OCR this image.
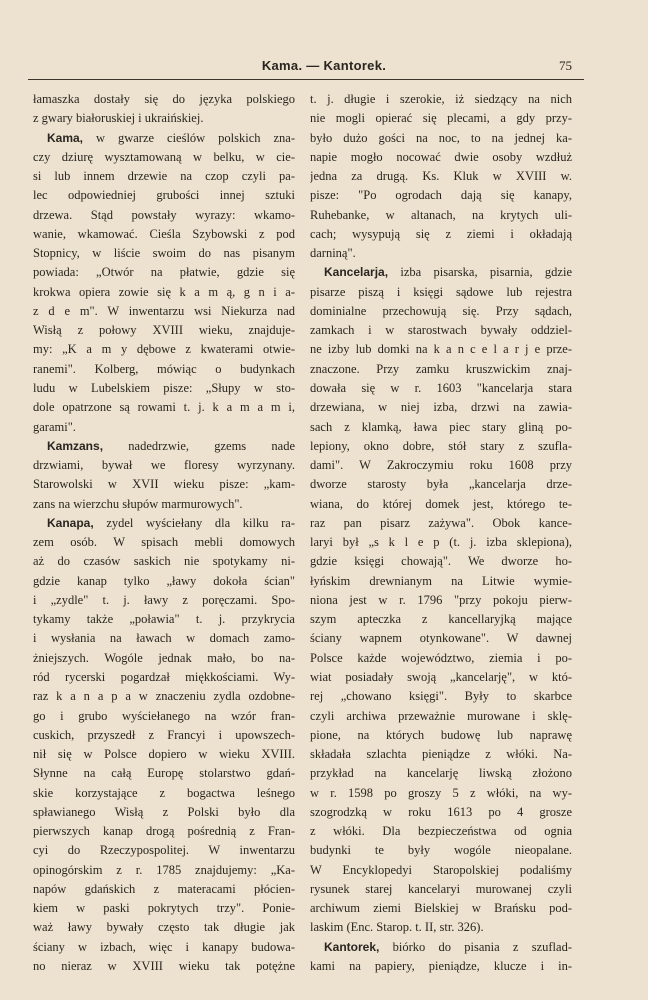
Kama. — Kantorek.	75
łamaszka dostały się do języka polskiego
z gwary białoruskiej i ukraińskiej.
Kama, w gwarze cieślów polskich zna-
czy dziurę wysztamowaną w belku, w cie-
si lub innem drzewie na czop czyli pa-
lec odpowiedniej grubości innej sztuki
drzewa. Stąd powstały wyrazy: wkamo-
wanie, wkamować. Cieśla Szybowski z pod
Stopnicy, w liście swoim do nas pisanym
powiada: „Otwór na płatwie, gdzie się
krokwa opiera zowie się k a m ą, g n i a-
z d e m". W inwentarzu wsi Niekurza nad
Wisłą z połowy XVIII wieku, znajduje-
my: „K a m y dębowe z kwaterami otwie-
ranemi". Kolberg, mówiąc o budynkach
ludu w Lubelskiem pisze: „Słupy w sto-
dole opatrzone są rowami t. j. k a m a m i,
garami".
Kamzans, nadedrzwie, gzems nade
drzwiami, bywał we floresy wyrzynany.
Starowolski w XVII wieku pisze: „kam-
zans na wierzchu słupów marmurowych".
Kanapa, zydel wyściełany dla kilku ra-
zem osób. W spisach mebli domowych
aż do czasów saskich nie spotykamy ni-
gdzie kanap tylko „ławy dokoła ścian"
i „zydle" t. j. ławy z poręczami. Spo-
tykamy także „poławia" t. j. przykrycia
i wysłania na ławach w domach zamo-
żniejszych. Wogóle jednak mało, bo na-
ród rycerski pogardzał miękkościami. Wy-
raz k a n a p a w znaczeniu zydla ozdobne-
go i grubo wyściełanego na wzór fran-
cuskich, przyszedł z Francyi i upowszech-
nił się w Polsce dopiero w wieku XVIII.
Słynne na całą Europę stolarstwo gdań-
skie korzystające z bogactwa leśnego
spławianego Wisłą z Polski było dla
pierwszych kanap drogą pośrednią z Fran-
cyi do Rzeczypospolitej. W inwentarzu
opinogórskim z r. 1785 znajdujemy: „Ka-
napów gdańskich z materacami płócien-
kiem w paski pokrytych trzy". Ponie-
waż ławy bywały często tak długie jak
ściany w izbach, więc i kanapy budowa-
no nieraz w XVIII wieku tak potężne
t. j. długie i szerokie, iż siedzący na nich
nie mogli opierać się plecami, a gdy przy-
było dużo gości na noc, to na jednej ka-
napie mogło nocować dwie osoby wzdłuż
jedna za drugą. Ks. Kluk w XVIII w.
pisze: "Po ogrodach dają się kanapy,
Ruhebanke, w altanach, na krytych uli-
cach; wysypują się z ziemi i okładają
darniną".
Kancelarja, izba pisarska, pisarnia, gdzie
pisarze piszą i księgi sądowe lub rejestra
dominialne przechowują się. Przy sądach,
zamkach i w starostwach bywały oddziel-
ne izby lub domki na k a n c e l a r j e prze-
znaczone. Przy zamku kruszwickim znaj-
dowała się w r. 1603 "kancelarja stara
drzewiana, w niej izba, drzwi na zawia-
sach z klamką, ława piec stary gliną po-
lepiony, okno dobre, stół stary z szufla-
dami". W Zakroczymiu roku 1608 przy
dworze starosty była „kancelarja drze-
wiana, do której domek jest, którego te-
raz pan pisarz zażywa". Obok kance-
laryi był „s k l e p (t. j. izba sklepiona),
gdzie księgi chowają". We dworze ho-
łyńskim drewnianym na Litwie wymie-
niona jest w r. 1796 "przy pokoju pierw-
szym apteczka z kancellaryjką mające
ściany wapnem otynkowane". W dawnej
Polsce każde województwo, ziemia i po-
wiat posiadały swoją „kancelarję", w któ-
rej „chowano księgi". Były to skarbce
czyli archiwa przeważnie murowane i sklę-
pione, na których budowę lub naprawę
składała szlachta pieniądze z włóki. Na-
przykład na kancelarję liwską złożono
w r. 1598 po groszy 5 z włóki, na wy-
szogrodzką w roku 1613 po 4 grosze
z włóki. Dla bezpieczeństwa od ognia
budynki te były wogóle nieopalane.
W Encyklopedyi Staropolskiej podaliśmy
rysunek starej kancelaryi murowanej czyli
archiwum ziemi Bielskiej w Brańsku pod-
laskim (Enc. Starop. t. II, str. 326).
Kantorek, biórko do pisania z szuflad-
kami na papiery, pieniądze, klucze i in-
